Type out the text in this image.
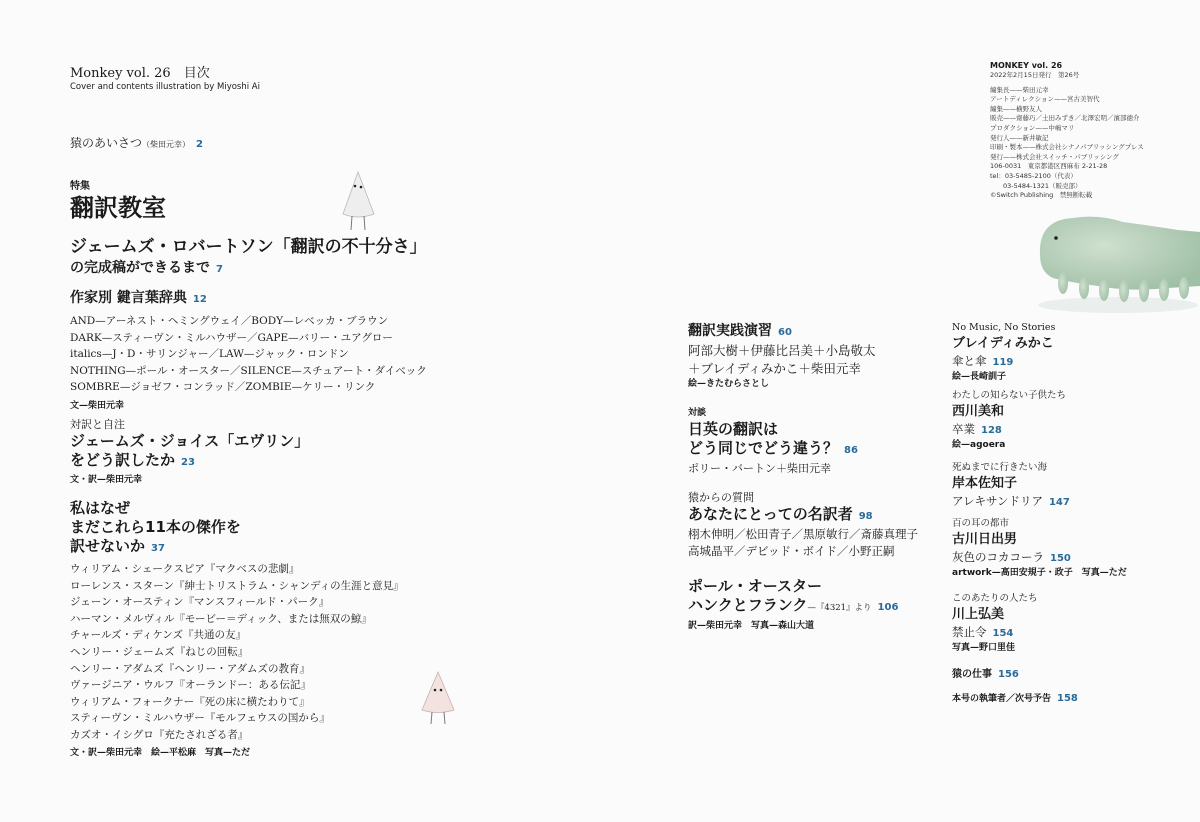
Monkey vol. 26　目次
Cover and contents illustration by Miyoshi Ai
猿のあいさつ（柴田元幸） 2
特集
翻訳教室
ジェームズ・ロバートソン「翻訳の不十分さ」
の完成稿ができるまで 7
作家別 鍵言葉辞典 12
AND—アーネスト・ヘミングウェイ／BODY—レベッカ・ブラウン
DARK—スティーヴン・ミルハウザー／GAPE—バリー・ユアグロー
italics—J・D・サリンジャー／LAW—ジャック・ロンドン
NOTHING—ポール・オースター／SILENCE—スチュアート・ダイベック
SOMBRE—ジョゼフ・コンラッド／ZOMBIE—ケリー・リンク
文—柴田元幸
対訳と自注
ジェームズ・ジョイス「エヴリン」
をどう訳したか 23
文・訳—柴田元幸
私はなぜ
まだこれら11本の傑作を
訳せないか 37
ウィリアム・シェークスピア『マクベスの悲劇』
ローレンス・スターン『紳士トリストラム・シャンディの生涯と意見』
ジェーン・オースティン『マンスフィールド・パーク』
ハーマン・メルヴィル『モービー＝ディック、または無双の鯨』
チャールズ・ディケンズ『共通の友』
ヘンリー・ジェームズ『ねじの回転』
ヘンリー・アダムズ『ヘンリー・アダムズの教育』
ヴァージニア・ウルフ『オーランドー：ある伝記』
ウィリアム・フォークナー『死の床に横たわりて』
スティーヴン・ミルハウザー『モルフェウスの国から』
カズオ・イシグロ『充たされざる者』
文・訳—柴田元幸　絵—平松麻　写真—ただ
翻訳実践演習 60
阿部大樹＋伊藤比呂美＋小島敬太
＋ブレイディみかこ＋柴田元幸
絵—きたむらさとし
対談
日英の翻訳は
どう同じでどう違う？ 86
ポリー・バートン＋柴田元幸
猿からの質問
あなたにとっての名訳者 98
栩木伸明／松田青子／黒原敏行／斎藤真理子
高城晶平／デビッド・ボイド／小野正嗣
ポール・オースター
ハンクとフランク—『4321』より 106
訳—柴田元幸　写真—森山大道
No Music, No Stories
ブレイディみかこ
傘と傘 119
絵—長崎訓子
わたしの知らない子供たち
西川美和
卒業 128
絵—agoera
死ぬまでに行きたい海
岸本佐知子
アレキサンドリア 147
百の耳の都市
古川日出男
灰色のコカコーラ 150
artwork—高田安規子・政子　写真—ただ
このあたりの人たち
川上弘美
禁止令 154
写真—野口里佳
猿の仕事 156
本号の執筆者／次号予告 158
MONKEY vol. 26
2022年2月15日発行　第26号
編集長——柴田元幸
アートディレクション——宮古美智代
編集——横野友人
販売——齋藤巧／土田みずき／北澤宏明／濱部徳介
プロダクション——中嶋マリ
発行人——新井敏記
印刷・製本——株式会社シナノパブリッシングプレス
発行——株式会社スイッチ・パブリッシング
106-0031　東京都港区西麻布 2-21-28
tel：03-5485-2100（代表）
　　03-5484-1321（販売部）
©Switch Publishing　禁無断転載
